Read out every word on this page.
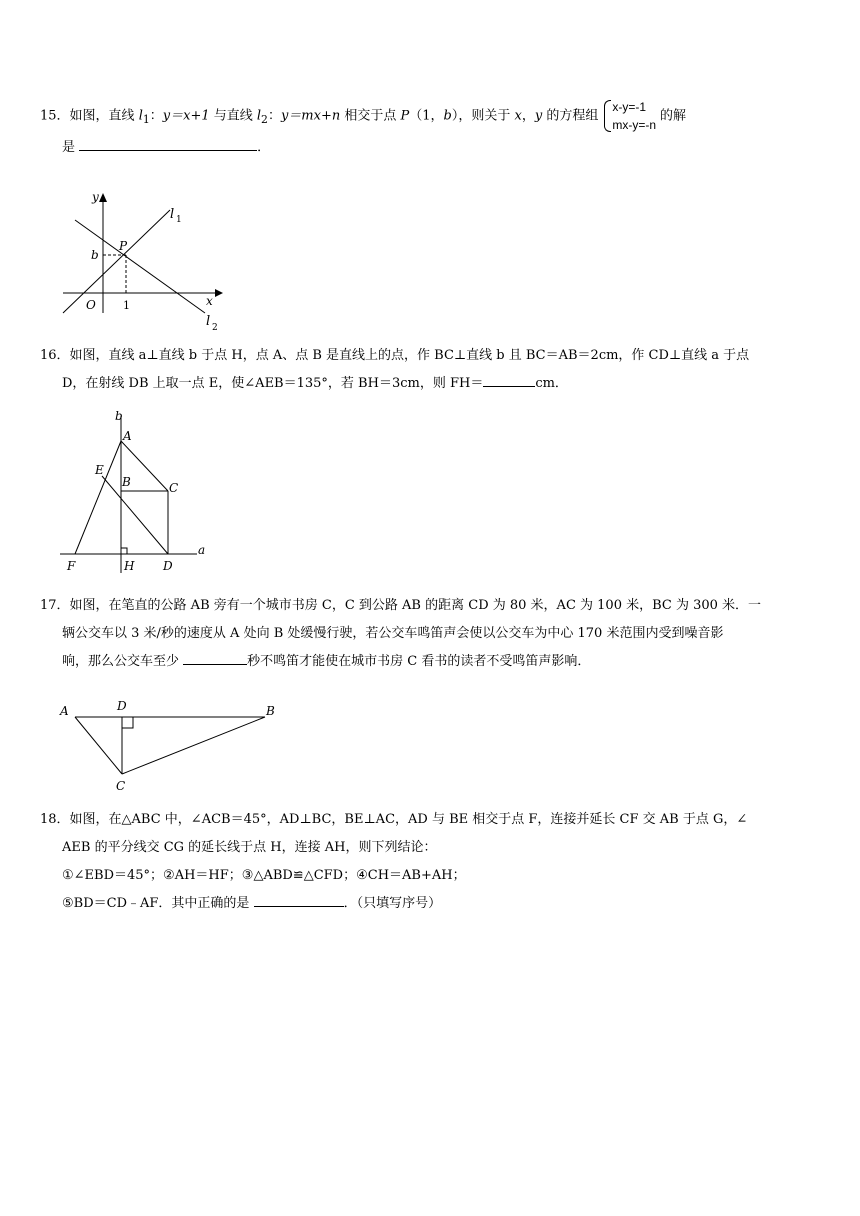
15．如图，直线 $l_1$：y＝x+1 与直线 $l_2$：y＝mx+n 相交于点 P（1，b），则关于 x，y 的方程组
x-y=-1
mx-y=-n
的解
是	．
y
l 1
P
b
O 1	x
l 2
16．如图，直线 a⊥直线 b 于点 H，点 A、点 B 是直线上的点，作 BC⊥直线 b 且 BC＝AB＝2cm，作 CD⊥直线 a 于点
D，在射线 DB 上取一点 E，使∠AEB＝135°，若 BH＝3cm，则 FH＝	cm．
b
A
E
B	C
a
F	H D
17．如图，在笔直的公路 AB 旁有一个城市书房 C，C 到公路 AB 的距离 CD 为 80 米，AC 为 100 米，BC 为 300 米．一
辆公交车以 3 米/秒的速度从 A 处向 B 处缓慢行驶，若公交车鸣笛声会使以公交车为中心 170 米范围内受到噪音影
响，那么公交车至少	秒不鸣笛才能使在城市书房 C 看书的读者不受鸣笛声影响．
A	D	B
C
18．如图，在△ABC 中，∠ACB＝45°，AD⊥BC，BE⊥AC，AD 与 BE 相交于点 F，连接并延长 CF 交 AB 于点 G，∠
AEB 的平分线交 CG 的延长线于点 H，连接 AH，则下列结论：
①∠EBD＝45°；②AH＝HF；③△ABD≌△CFD；④CH＝AB+AH；
⑤BD＝CD﹣AF．其中正确的是	．（只填写序号）
